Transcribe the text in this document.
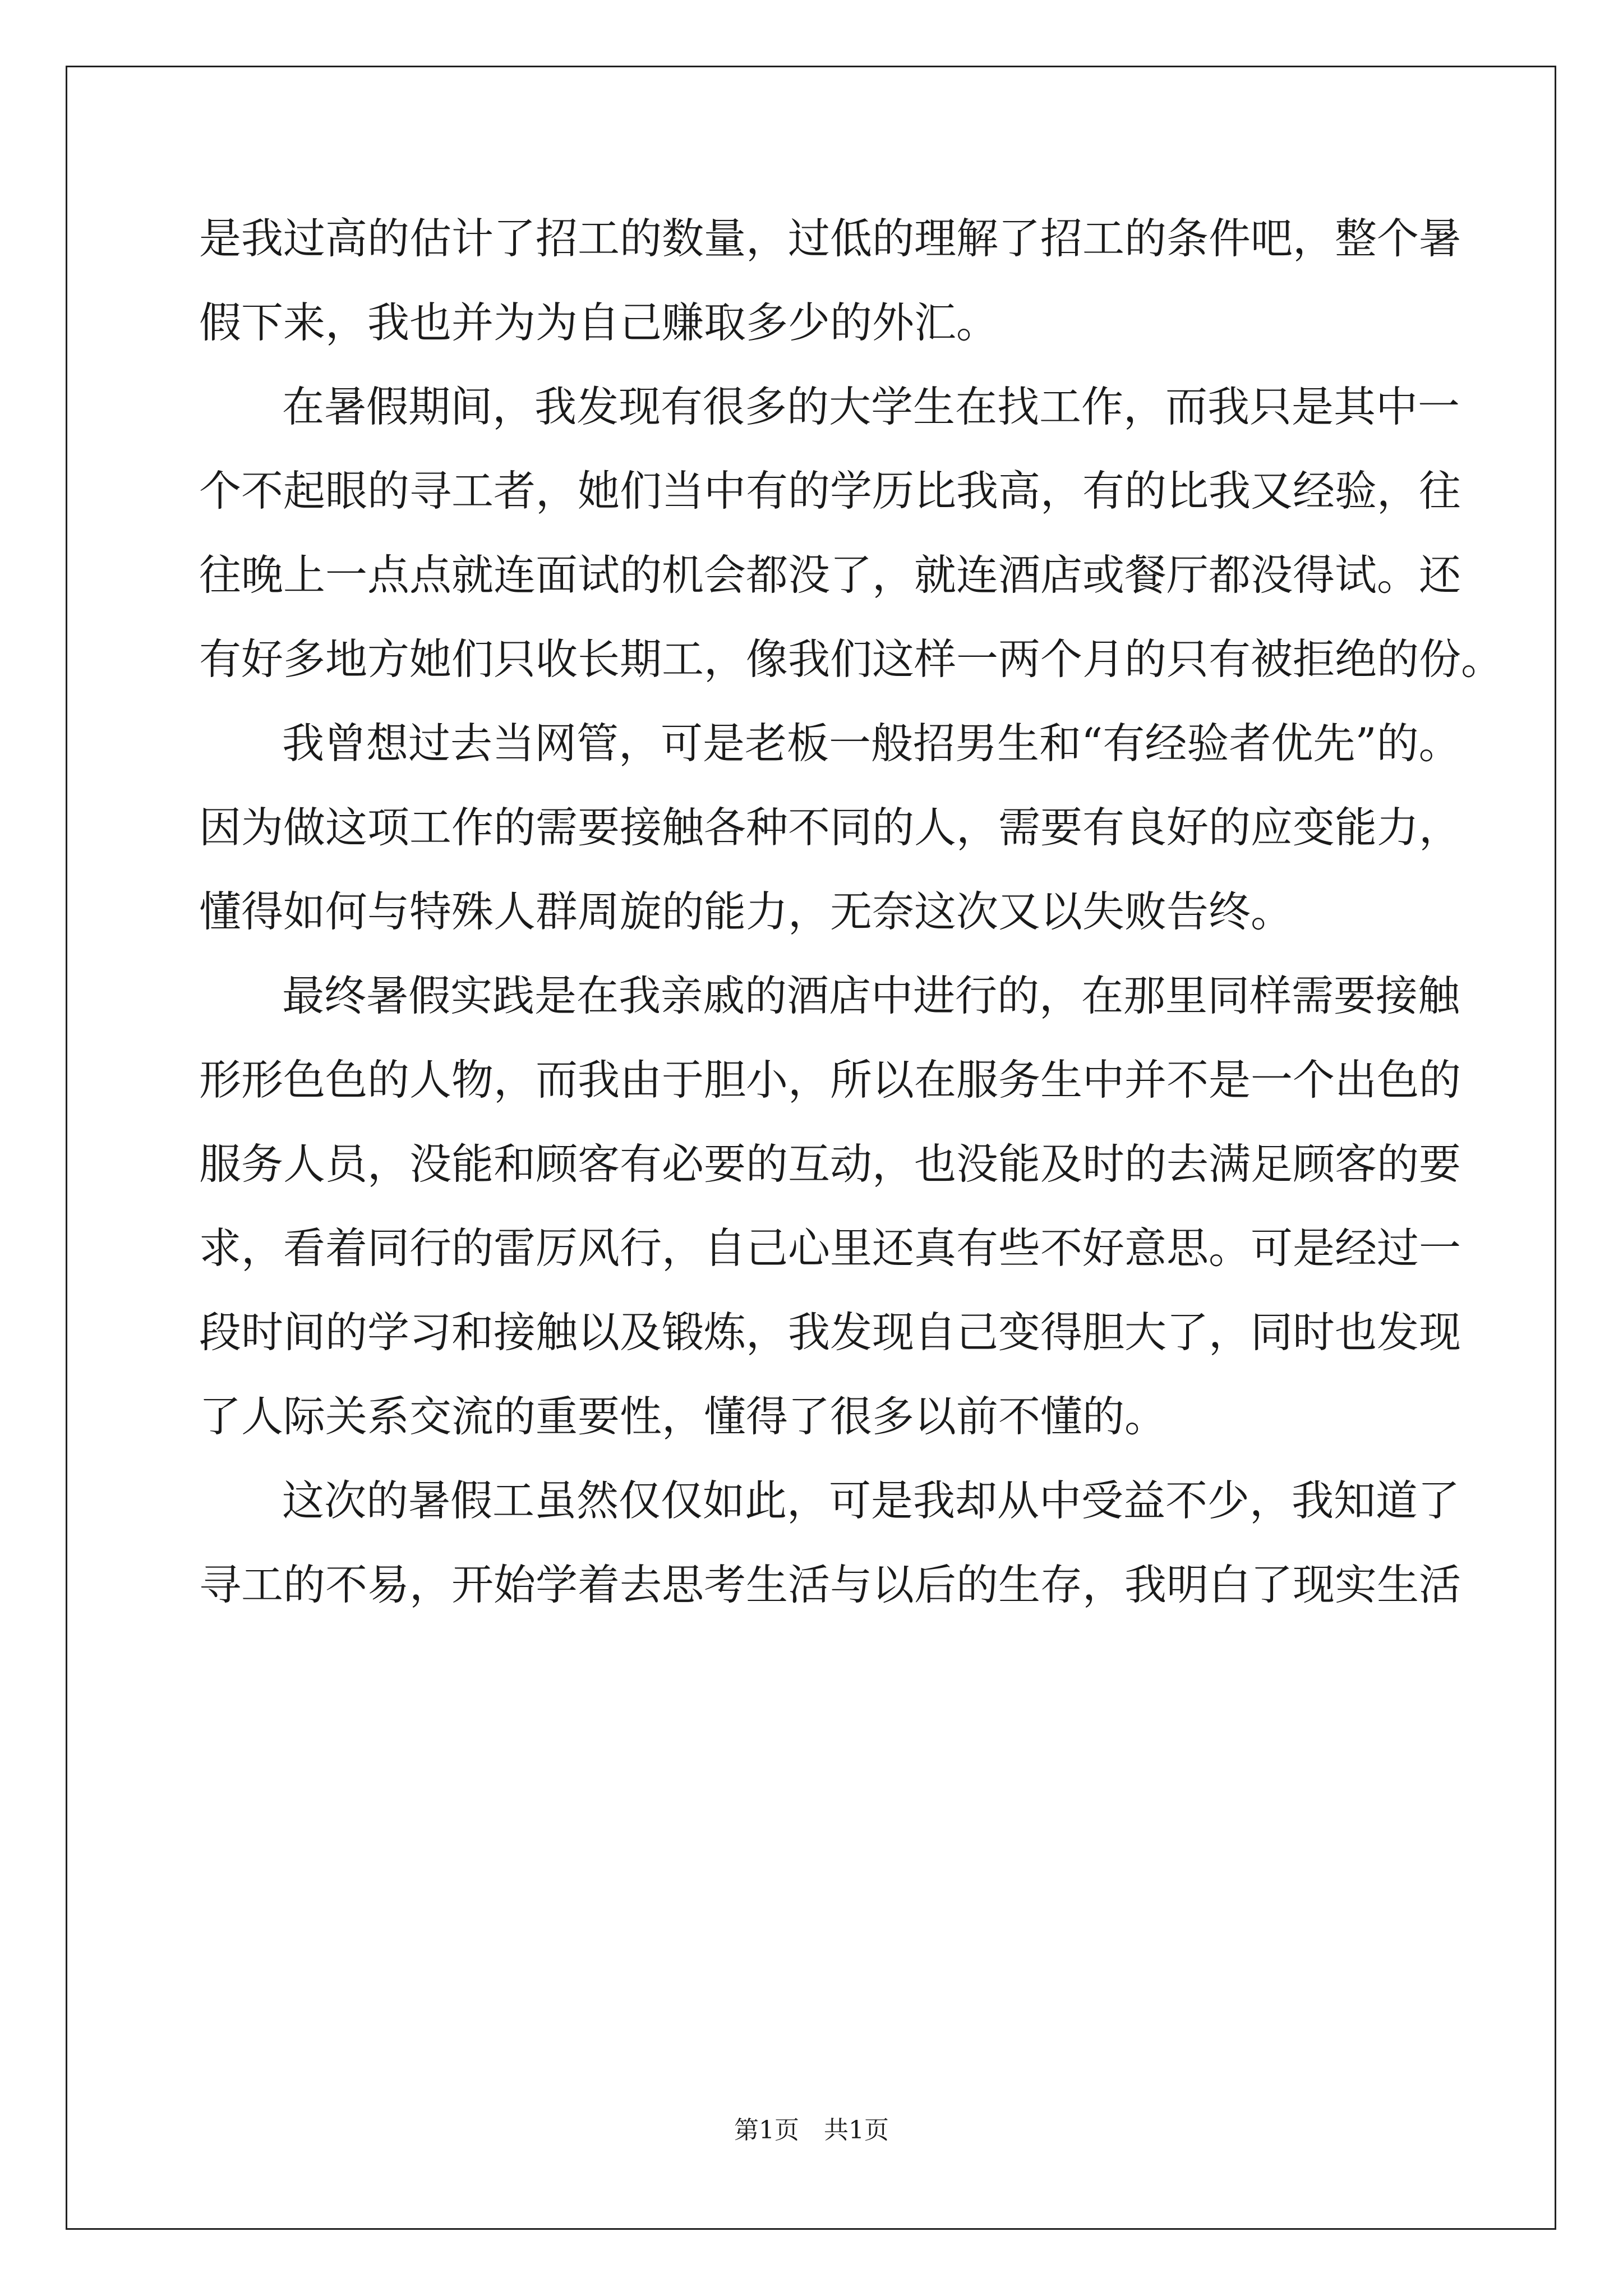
是我过高的估计了招工的数量，过低的理解了招工的条件吧，整个暑
假下来，我也并为为自己赚取多少的外汇。
在暑假期间，我发现有很多的大学生在找工作，而我只是其中一
个不起眼的寻工者，她们当中有的学历比我高，有的比我又经验，往
往晚上一点点就连面试的机会都没了，就连酒店或餐厅都没得试。还
有好多地方她们只收长期工，像我们这样一两个月的只有被拒绝的份。
我曾想过去当网管，可是老板一般招男生和“有经验者优先”的。
因为做这项工作的需要接触各种不同的人，需要有良好的应变能力，
懂得如何与特殊人群周旋的能力，无奈这次又以失败告终。
最终暑假实践是在我亲戚的酒店中进行的，在那里同样需要接触
形形色色的人物，而我由于胆小，所以在服务生中并不是一个出色的
服务人员，没能和顾客有必要的互动，也没能及时的去满足顾客的要
求，看着同行的雷厉风行，自己心里还真有些不好意思。可是经过一
段时间的学习和接触以及锻炼，我发现自己变得胆大了，同时也发现
了人际关系交流的重要性，懂得了很多以前不懂的。
这次的暑假工虽然仅仅如此，可是我却从中受益不少，我知道了
寻工的不易，开始学着去思考生活与以后的生存，我明白了现实生活
第1页　共1页
